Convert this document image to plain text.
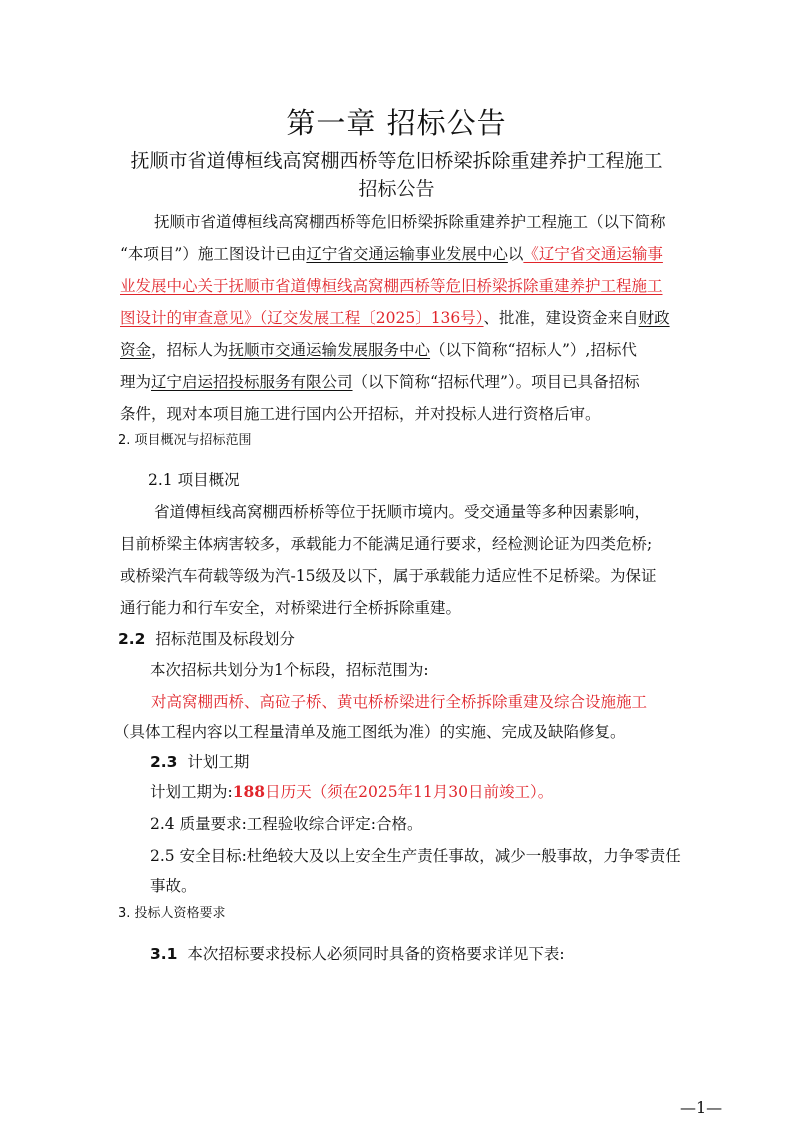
第一章 招标公告
抚顺市省道傅桓线高窝棚西桥等危旧桥梁拆除重建养护工程施工
招标公告
抚顺市省道傅桓线高窝棚西桥等危旧桥梁拆除重建养护工程施工（以下简称
“本项目”）施工图设计已由辽宁省交通运输事业发展中心以《辽宁省交通运输事
业发展中心关于抚顺市省道傅桓线高窝棚西桥等危旧桥梁拆除重建养护工程施工
图设计的审查意见》（辽交发展工程〔2025〕136号）、批准，建设资金来自财政
资金，招标人为抚顺市交通运输发展服务中心（以下简称“招标人”）,招标代
理为辽宁启运招投标服务有限公司（以下简称“招标代理”）。项目已具备招标
条件，现对本项目施工进行国内公开招标，并对投标人进行资格后审。
2. 项目概况与招标范围
2.1 项目概况
省道傅桓线高窝棚西桥桥等位于抚顺市境内。受交通量等多种因素影响，
目前桥梁主体病害较多，承载能力不能满足通行要求，经检测论证为四类危桥;
或桥梁汽车荷载等级为汽-15级及以下，属于承载能力适应性不足桥梁。为保证
通行能力和行车安全，对桥梁进行全桥拆除重建。
2.2 招标范围及标段划分
本次招标共划分为1个标段，招标范围为:
对高窝棚西桥、高砬子桥、黄屯桥桥梁进行全桥拆除重建及综合设施施工
（具体工程内容以工程量清单及施工图纸为准）的实施、完成及缺陷修复。
2.3 计划工期
计划工期为:188日历天（须在2025年11月30日前竣工）。
2.4 质量要求:工程验收综合评定:合格。
2.5 安全目标:杜绝较大及以上安全生产责任事故，减少一般事故，力争零责任
事故。
3. 投标人资格要求
3.1 本次招标要求投标人必须同时具备的资格要求详见下表:
—1—
